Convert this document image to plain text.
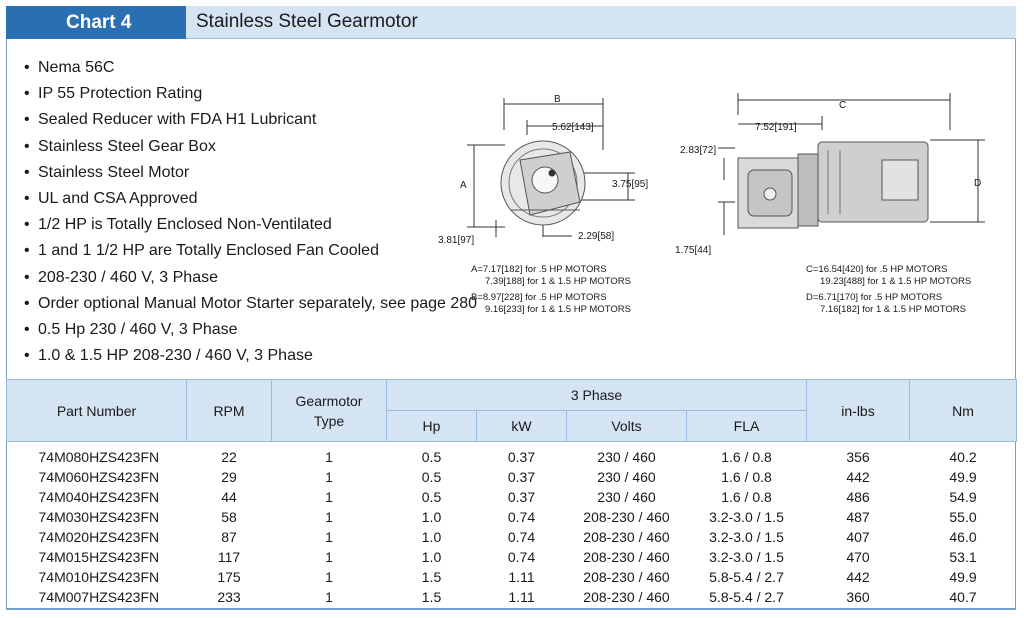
Chart 4	Stainless Steel Gearmotor
• Nema 56C
• IP 55 Protection Rating
• Sealed Reducer with FDA H1 Lubricant
• Stainless Steel Gear Box
• Stainless Steel Motor
• UL and CSA Approved
• 1/2 HP is Totally Enclosed Non-Ventilated
• 1 and 1 1/2 HP are Totally Enclosed Fan Cooled
• 208-230 / 460 V, 3 Phase
• Order optional Manual Motor Starter separately, see page 280
• 0.5 Hp 230 / 460 V, 3 Phase
• 1.0 & 1.5 HP 208-230 / 460 V, 3 Phase
B
5.62[143]
3.75[95]
A
3.81[97]	2.29[58]
C
7.52[191]
2.83[72]
1.75[44]
D
A=7.17[182] for .5 HP MOTORS
7.39[188] for 1 & 1.5 HP MOTORS
B=8.97[228] for .5 HP MOTORS
9.16[233] for 1 & 1.5 HP MOTORS
C=16.54[420] for .5 HP MOTORS
19.23[488] for 1 & 1.5 HP MOTORS
D=6.71[170] for .5 HP MOTORS
7.16[182] for 1 & 1.5 HP MOTORS
Part Number	RPM	Gearmotor Type	3 Phase				in-lbs	Nm
			Hp	kW	Volts	FLA		
74M080HZS423FN	22	1	0.5	0.37	230 / 460	1.6 / 0.8	356	40.2
74M060HZS423FN	29	1	0.5	0.37	230 / 460	1.6 / 0.8	442	49.9
74M040HZS423FN	44	1	0.5	0.37	230 / 460	1.6 / 0.8	486	54.9
74M030HZS423FN	58	1	1.0	0.74	208-230 / 460	3.2-3.0 / 1.5	487	55.0
74M020HZS423FN	87	1	1.0	0.74	208-230 / 460	3.2-3.0 / 1.5	407	46.0
74M015HZS423FN	117	1	1.0	0.74	208-230 / 460	3.2-3.0 / 1.5	470	53.1
74M010HZS423FN	175	1	1.5	1.11	208-230 / 460	5.8-5.4 / 2.7	442	49.9
74M007HZS423FN	233	1	1.5	1.11	208-230 / 460	5.8-5.4 / 2.7	360	40.7
